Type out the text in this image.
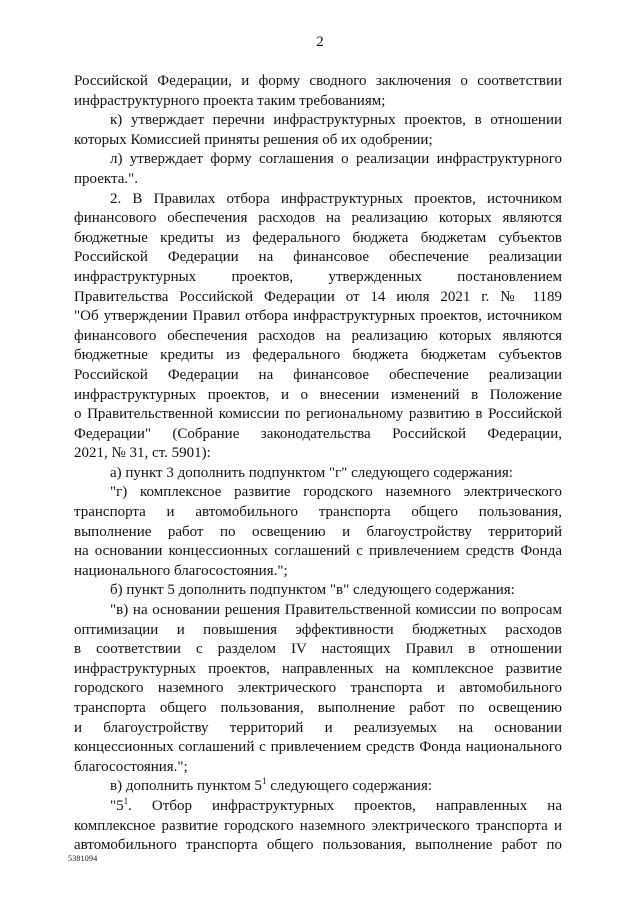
2
Российской Федерации, и форму сводного заключения о соответствии
инфраструктурного проекта таким требованиям;
к) утверждает перечни инфраструктурных проектов, в отношении
которых Комиссией приняты решения об их одобрении;
л) утверждает форму соглашения о реализации инфраструктурного
проекта.".
2. В Правилах отбора инфраструктурных проектов, источником
финансового обеспечения расходов на реализацию которых являются
бюджетные кредиты из федерального бюджета бюджетам субъектов
Российской Федерации на финансовое обеспечение реализации
инфраструктурных проектов, утвержденных постановлением
Правительства Российской Федерации от 14 июля 2021 г. № 1189
"Об утверждении Правил отбора инфраструктурных проектов, источником
финансового обеспечения расходов на реализацию которых являются
бюджетные кредиты из федерального бюджета бюджетам субъектов
Российской Федерации на финансовое обеспечение реализации
инфраструктурных проектов, и о внесении изменений в Положение
о Правительственной комиссии по региональному развитию в Российской
Федерации" (Собрание законодательства Российской Федерации,
2021, № 31, ст. 5901):
а) пункт 3 дополнить подпунктом "г" следующего содержания:
"г) комплексное развитие городского наземного электрического
транспорта и автомобильного транспорта общего пользования,
выполнение работ по освещению и благоустройству территорий
на основании концессионных соглашений с привлечением средств Фонда
национального благосостояния.";
б) пункт 5 дополнить подпунктом "в" следующего содержания:
"в) на основании решения Правительственной комиссии по вопросам
оптимизации и повышения эффективности бюджетных расходов
в соответствии с разделом IV настоящих Правил в отношении
инфраструктурных проектов, направленных на комплексное развитие
городского наземного электрического транспорта и автомобильного
транспорта общего пользования, выполнение работ по освещению
и благоустройству территорий и реализуемых на основании
концессионных соглашений с привлечением средств Фонда национального
благосостояния.";
в) дополнить пунктом $5^1$ следующего содержания:
"$5^1$. Отбор инфраструктурных проектов, направленных на
комплексное развитие городского наземного электрического транспорта и
автомобильного транспорта общего пользования, выполнение работ по
5381094
